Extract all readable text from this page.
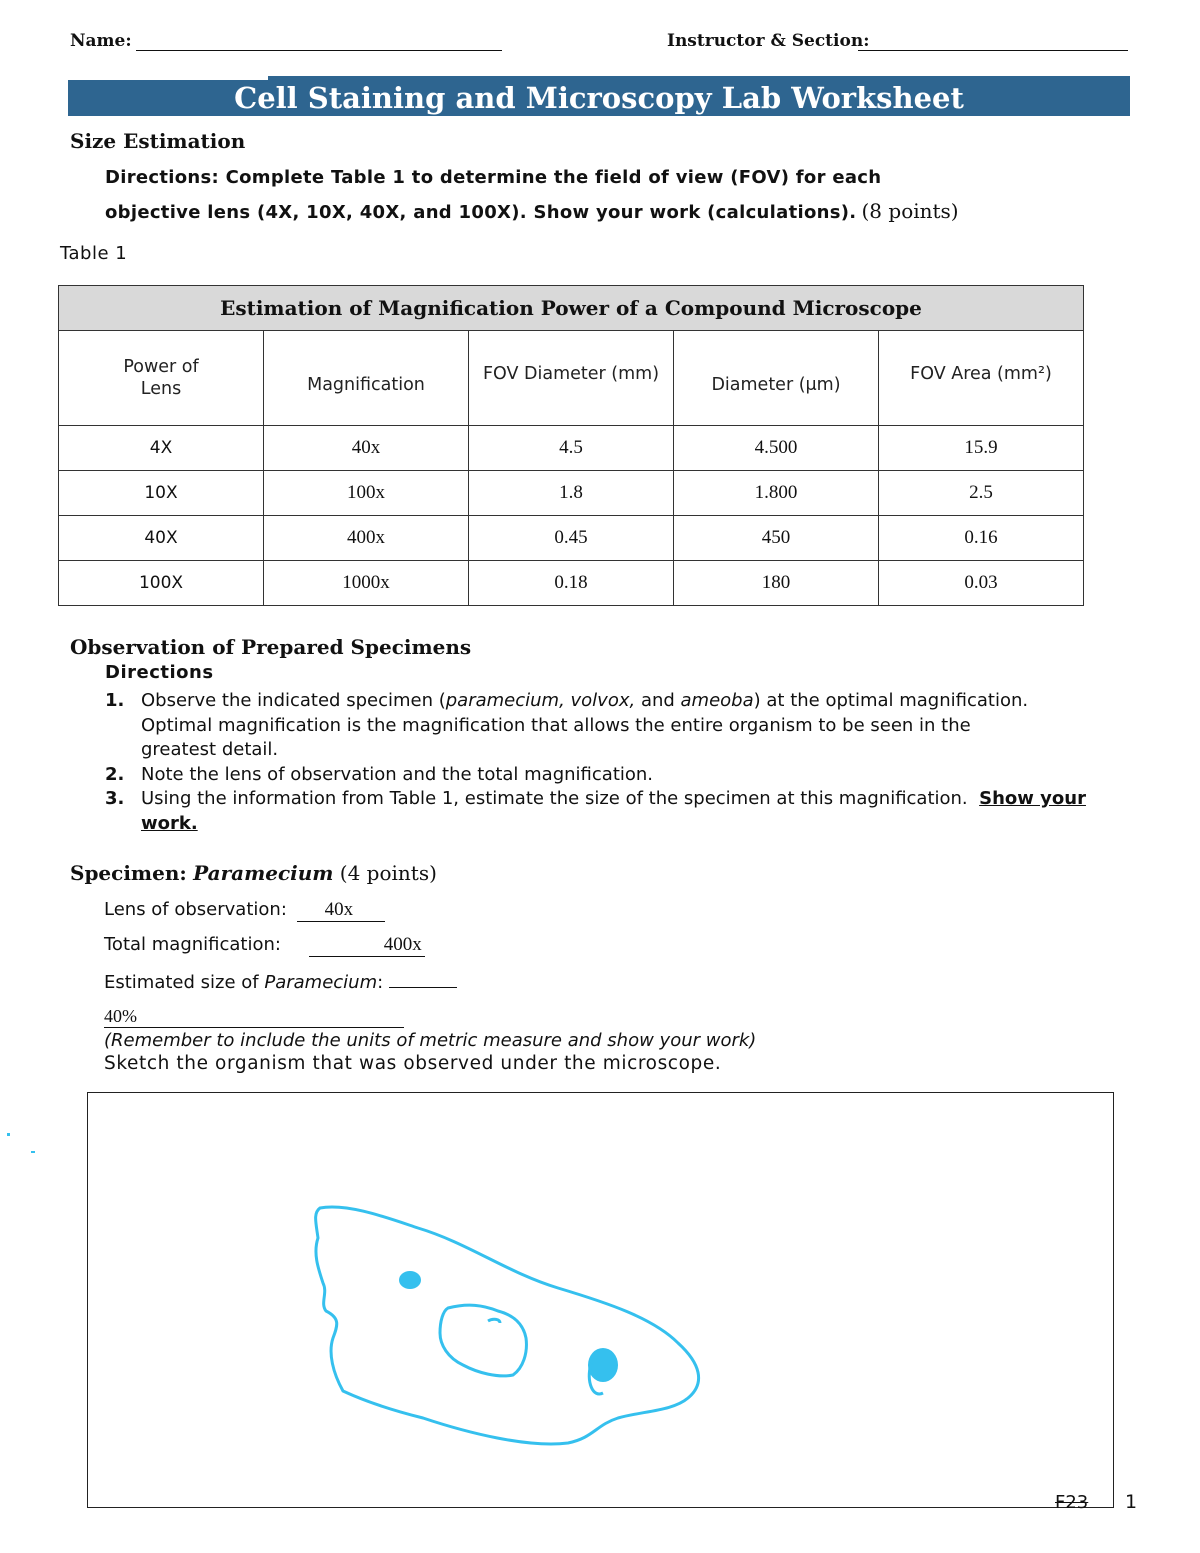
Name:	Instructor & Section:
Cell Staining and Microscopy Lab Worksheet
Size Estimation
Directions: Complete Table 1 to determine the field of view (FOV) for each
objective lens (4X, 10X, 40X, and 100X). Show your work (calculations). (8 points)
Table 1
Estimation of Magnification Power of a Compound Microscope				
Power of
Lens	Magnification	FOV Diameter (mm)	Diameter (μm)	FOV Area (mm²)
4X	40x	4.5	4.500	15.9
10X	100x	1.8	1.800	2.5
40X	400x	0.45	450	0.16
100X	1000x	0.18	180	0.03
Observation of Prepared Specimens
Directions
1. Observe the indicated specimen (paramecium, volvox, and ameoba) at the optimal magnification. Optimal magnification is the magnification that allows the entire organism to be seen in the greatest detail.
2. Note the lens of observation and the total magnification.
3. Using the information from Table 1, estimate the size of the specimen at this magnification. Show your work.
Specimen: Paramecium (4 points)
Lens of observation: 40x
Total magnification:	400x
Estimated size of Paramecium:
40%
(Remember to include the units of metric measure and show your work)
Sketch the organism that was observed under the microscope.
F23 1
